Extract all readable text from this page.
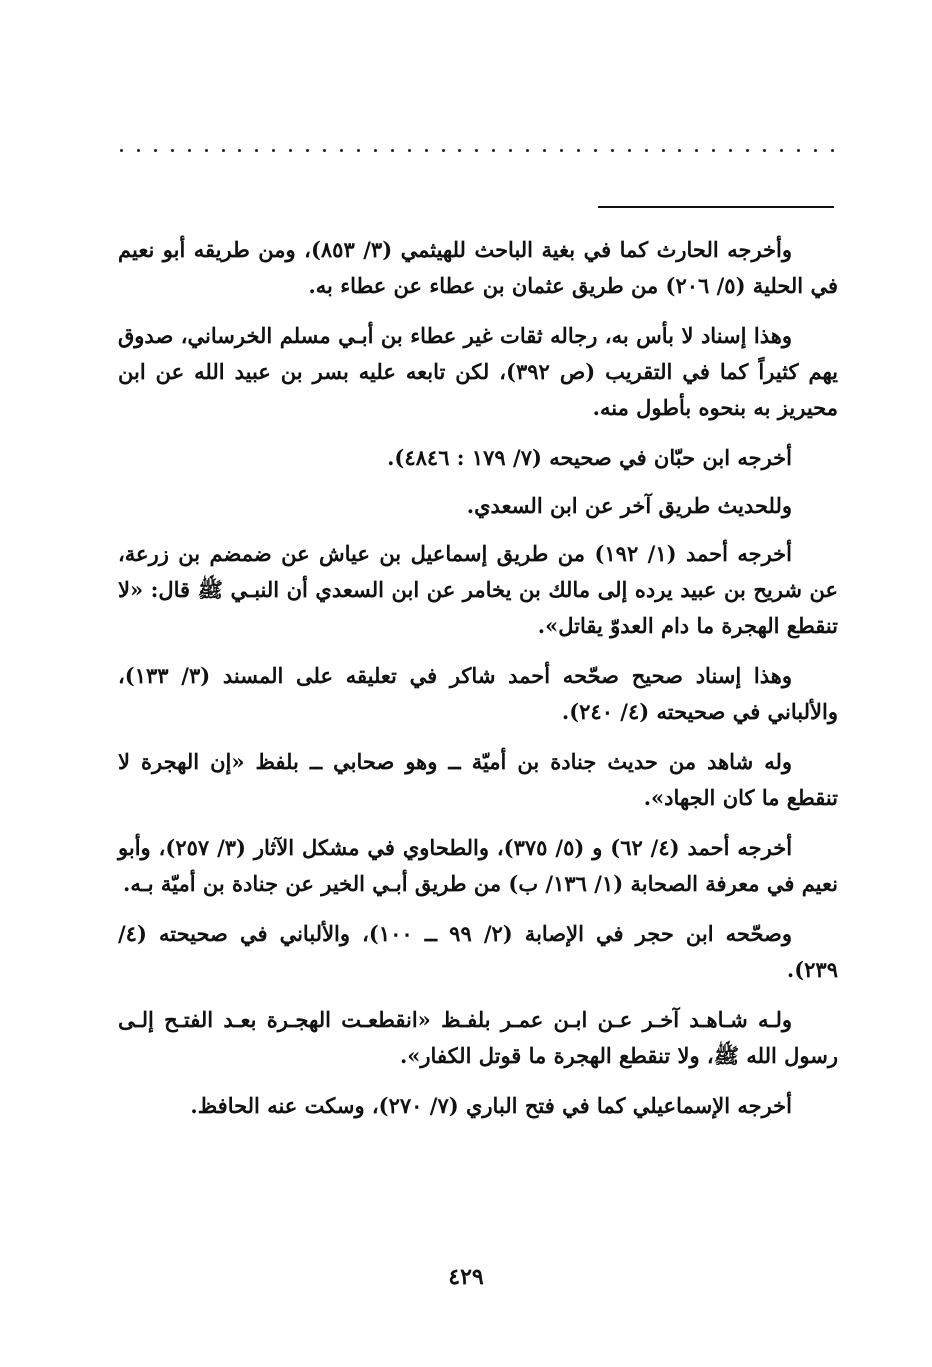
وأخرجه الحارث كما في بغية الباحث للهيثمي (٣/ ٨٥٣)، ومن طريقه أبو نعيم في الحلية (٥/ ٢٠٦) من طريق عثمان بن عطاء عن عطاء به.

وهذا إسناد لا بأس به، رجاله ثقات غير عطاء بن أبـي مسلم الخرساني، صدوق يهم كثيراً كما في التقريب (ص ٣٩٢)، لكن تابعه عليه بسر بن عبيد الله عن ابن محيريز به بنحوه بأطول منه.

أخرجه ابن حبّان في صحيحه (٧/ ١٧٩ : ٤٨٤٦).

وللحديث طريق آخر عن ابن السعدي.

أخرجه أحمد (١/ ١٩٢) من طريق إسماعيل بن عياش عن ضمضم بن زرعة، عن شريح بن عبيد يرده إلى مالك بن يخامر عن ابن السعدي أن النبـي ﷺ قال: «لا تنقطع الهجرة ما دام العدوّ يقاتل».

وهذا إسناد صحيح صحّحه أحمد شاكر في تعليقه على المسند (٣/ ١٣٣)، والألباني في صحيحته (٤/ ٢٤٠).

وله شاهد من حديث جنادة بن أميّة ــ وهو صحابي ــ بلفظ «إن الهجرة لا تنقطع ما كان الجهاد».

أخرجه أحمد (٤/ ٦٢) و (٥/ ٣٧٥)، والطحاوي في مشكل الآثار (٣/ ٢٥٧)، وأبو نعيم في معرفة الصحابة (١/ ١٣٦/ ب) من طريق أبـي الخير عن جنادة بن أميّة بـه.

وصحّحه ابن حجر في الإصابة (٢/ ٩٩ ــ ١٠٠)، والألباني في صحيحته (٤/ ٢٣٩).

ولـه شـاهـد آخـر عـن ابـن عمـر بلفـظ «انقطعـت الهجـرة بعـد الفتـح إلـى رسول الله ﷺ، ولا تنقطع الهجرة ما قوتل الكفار».

أخرجه الإسماعيلي كما في فتح الباري (٧/ ٢٧٠)، وسكت عنه الحافظ.

٤٢٩
